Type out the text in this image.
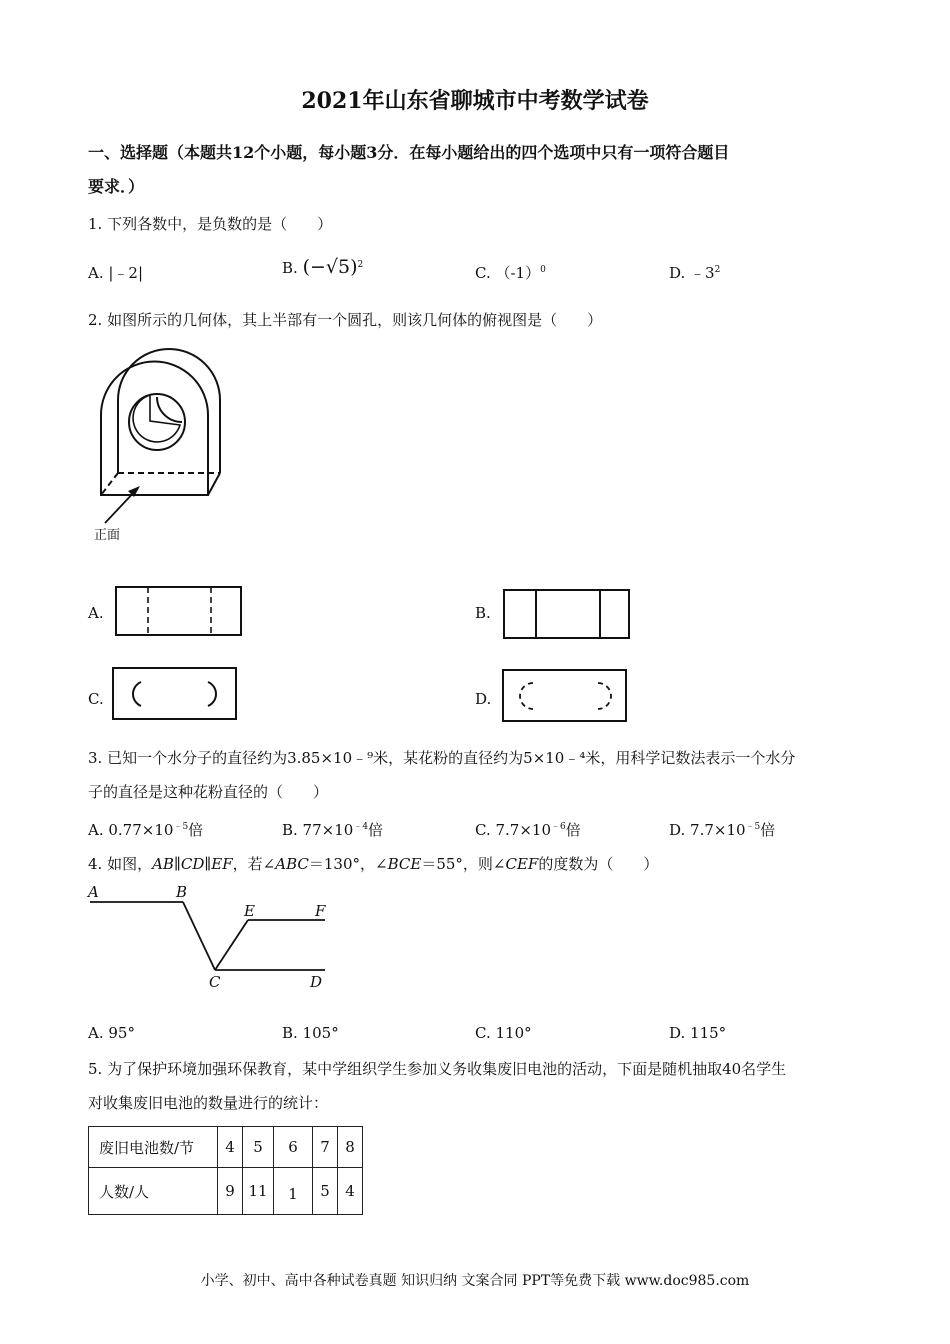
2021年山东省聊城市中考数学试卷
一、选择题（本题共12个小题，每小题3分．在每小题给出的四个选项中只有一项符合题目
要求．）
1. 下列各数中，是负数的是（　　）
A. |﹣2|	B. $(-√5)^2$	C. $(-1)^0$	D. $﹣3^2$
2. 如图所示的几何体，其上半部有一个圆孔，则该几何体的俯视图是（　　）
正面
A.	B.
C.	D.
3. 已知一个水分子的直径约为3.85×10﹣⁹米，某花粉的直径约为5×10﹣⁴米，用科学记数法表示一个水分
子的直径是这种花粉直径的（　　）
A. $0.77\times 10^{﹣5}$倍	B. $77\times 10^{﹣4}$倍	C. $7.7\times 10^{﹣6}$倍	D. $7.7\times 10^{﹣5}$倍
4. 如图，AB∥CD∥EF，若∠ABC＝130°，∠BCE＝55°，则∠CEF的度数为（　　）
A	B
E	F
C	D
A. 95°	B. 105°	C. 110°	D. 115°
5. 为了保护环境加强环保教育，某中学组织学生参加义务收集废旧电池的活动，下面是随机抽取40名学生
对收集废旧电池的数量进行的统计：
废旧电池数/节	4	5	6	7	8
人数/人	9	11	1	5	4
小学、初中、高中各种试卷真题 知识归纳 文案合同 PPT等免费下载 www.doc985.com
